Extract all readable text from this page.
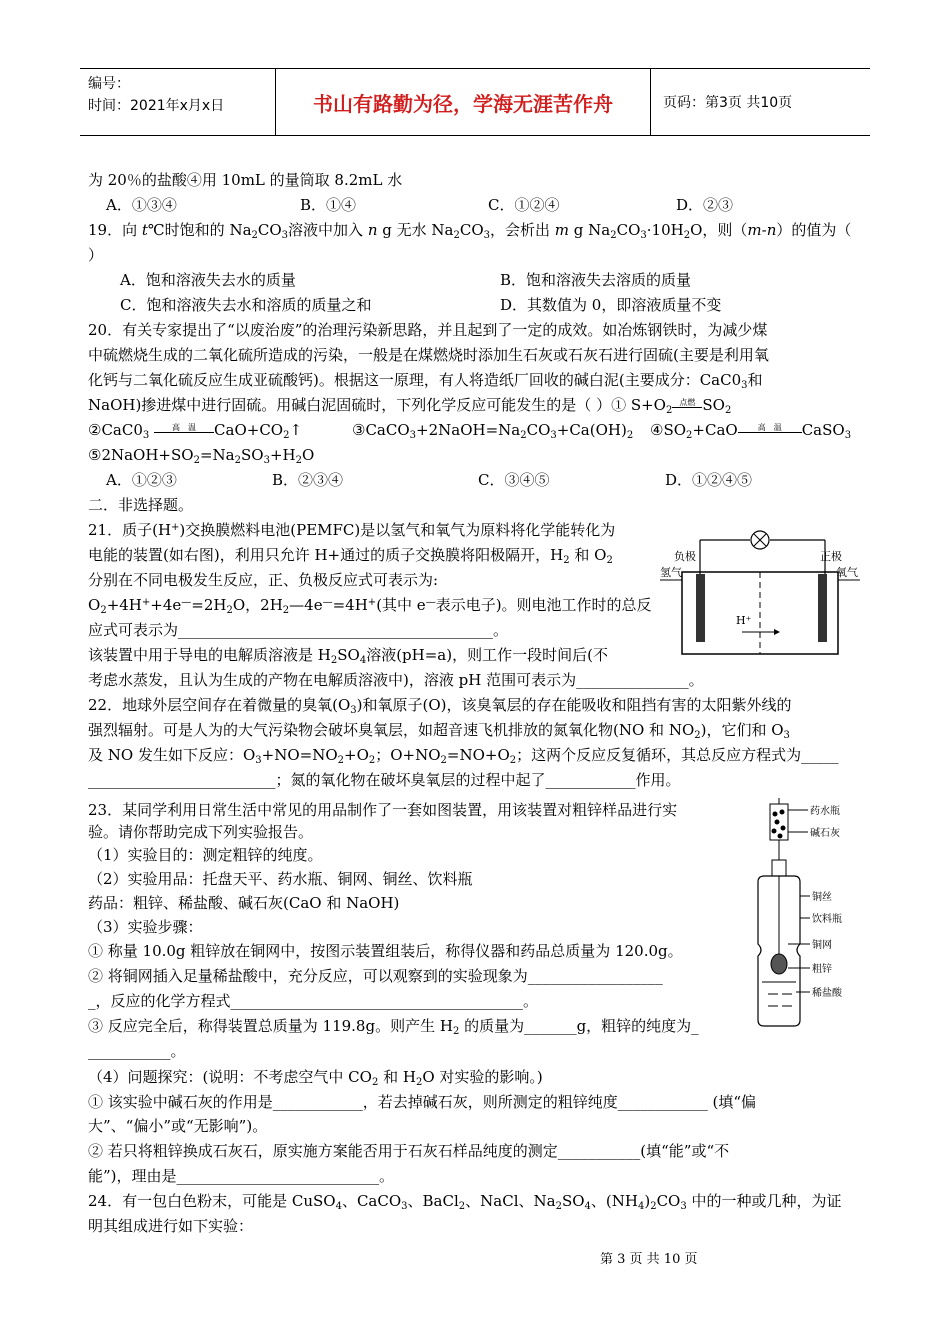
编号：
时间：2021年x月x日	书山有路勤为径，学海无涯苦作舟	页码：第3页 共10页
为 20％的盐酸④用 10mL 的量筒取 8.2mL 水
A．①③④	B．①④	C．①②④	D．②③
19．向 t℃时饱和的 $Na_2CO_3$溶液中加入 n g 无水 $Na_2CO_3$，会析出 m g $Na_2CO_3\cdot 10H_2O$，则（m-n）的值为（
）
A．饱和溶液失去水的质量	B．饱和溶液失去溶质的质量
C．饱和溶液失去水和溶质的质量之和	D．其数值为 0，即溶液质量不变
20．有关专家提出了“以废治废”的治理污染新思路，并且起到了一定的成效。如冶炼钢铁时，为减少煤
中硫燃烧生成的二氧化硫所造成的污染，一般是在煤燃烧时添加生石灰或石灰石进行固硫(主要是利用氧
化钙与二氧化硫反应生成亚硫酸钙)。根据这一原理，有人将造纸厂回收的碱白泥(主要成分：$CaC0_3$和
NaOH)掺进煤中进行固硫。用碱白泥固硫时，下列化学反应可能发生的是（ ）① $S+O_2$
点燃 $SO_2$
$②CaC0_3$
高　温	$CaO+CO_2↑$	$③CaCO_3+2NaOH=Na_2CO_3+Ca(OH)_2$ $④SO_2+CaO$	高　温	CaSO$_3$
$⑤2NaOH+SO_2=Na_2SO_3+H_2O$
A．①②③	B．②③④	C．③④⑤	D．①②④⑤
二．非选择题。
21．质子(H+)交换膜燃料电池(PEMFC)是以氢气和氧气为原料将化学能转化为
电能的装置(如右图)，利用只允许 H+通过的质子交换膜将阳极隔开，$H_2$ 和 $O_2$
分别在不同电极发生反应，正、负极反应式可表示为:
$O_2+4H^++4e^—=2H_2O$，$2H_2—4e^—=4H^+$(其中 e—表示电子)。则电池工作时的总反
应式可表示为__________________________________________。
该装置中用于导电的电解质溶液是 $H_2SO_4$溶液(pH=a)，则工作一段时间后(不
考虑水蒸发，且认为生成的产物在电解质溶液中)，溶液 pH 范围可表示为_______________。
负极	正极
氢气	氧气
H⁺
22．地球外层空间存在着微量的臭氧$(O_3)$和氧原子(O)，该臭氧层的存在能吸收和阻挡有害的太阳紫外线的
强烈辐射。可是人为的大气污染物会破坏臭氧层，如超音速飞机排放的氮氧化物(NO 和 $NO_2$)，它们和 $O_3$
及 NO 发生如下反应：$O_3+NO=NO_2+O_2$；$O+NO_2=NO+O_2$；这两个反应反复循环，其总反应方程式为_____
_________________________；氮的氧化物在破坏臭氧层的过程中起了____________作用。
23．某同学利用日常生活中常见的用品制作了一套如图装置，用该装置对粗锌样品进行实
验。请你帮助完成下列实验报告。
（1）实验目的：测定粗锌的纯度。
（2）实验用品：托盘天平、药水瓶、铜网、铜丝、饮料瓶
药品：粗锌、稀盐酸、碱石灰(CaO 和 NaOH)
（3）实验步骤：
① 称量 10.0g 粗锌放在铜网中，按图示装置组装后，称得仪器和药品总质量为 120.0g。
② 将铜网插入足量稀盐酸中，充分反应，可以观察到的实验现象为__________________
_，反应的化学方程式_______________________________________。
③ 反应完全后，称得装置总质量为 119.8g。则产生 $H_2$ 的质量为_______g，粗锌的纯度为_
___________。
（4）问题探究：(说明：不考虑空气中 $CO_2$ 和 $H_2O$ 对实验的影响。)
① 该实验中碱石灰的作用是____________，若去掉碱石灰，则所测定的粗锌纯度____________ (填“偏
大”、“偏小”或“无影响”)。
② 若只将粗锌换成石灰石，原实施方案能否用于石灰石样品纯度的测定___________(填“能”或“不
能”)，理由是___________________________。
药水瓶
碱石灰
铜丝
饮料瓶
铜网
粗锌
稀盐酸
24．有一包白色粉末，可能是 CuSO$_4$、CaCO$_3$、BaCl$_2$、NaCl、$Na_2SO_4$、$(NH_4)_2CO_3$ 中的一种或几种，为证
明其组成进行如下实验：
第 3 页 共 10 页
